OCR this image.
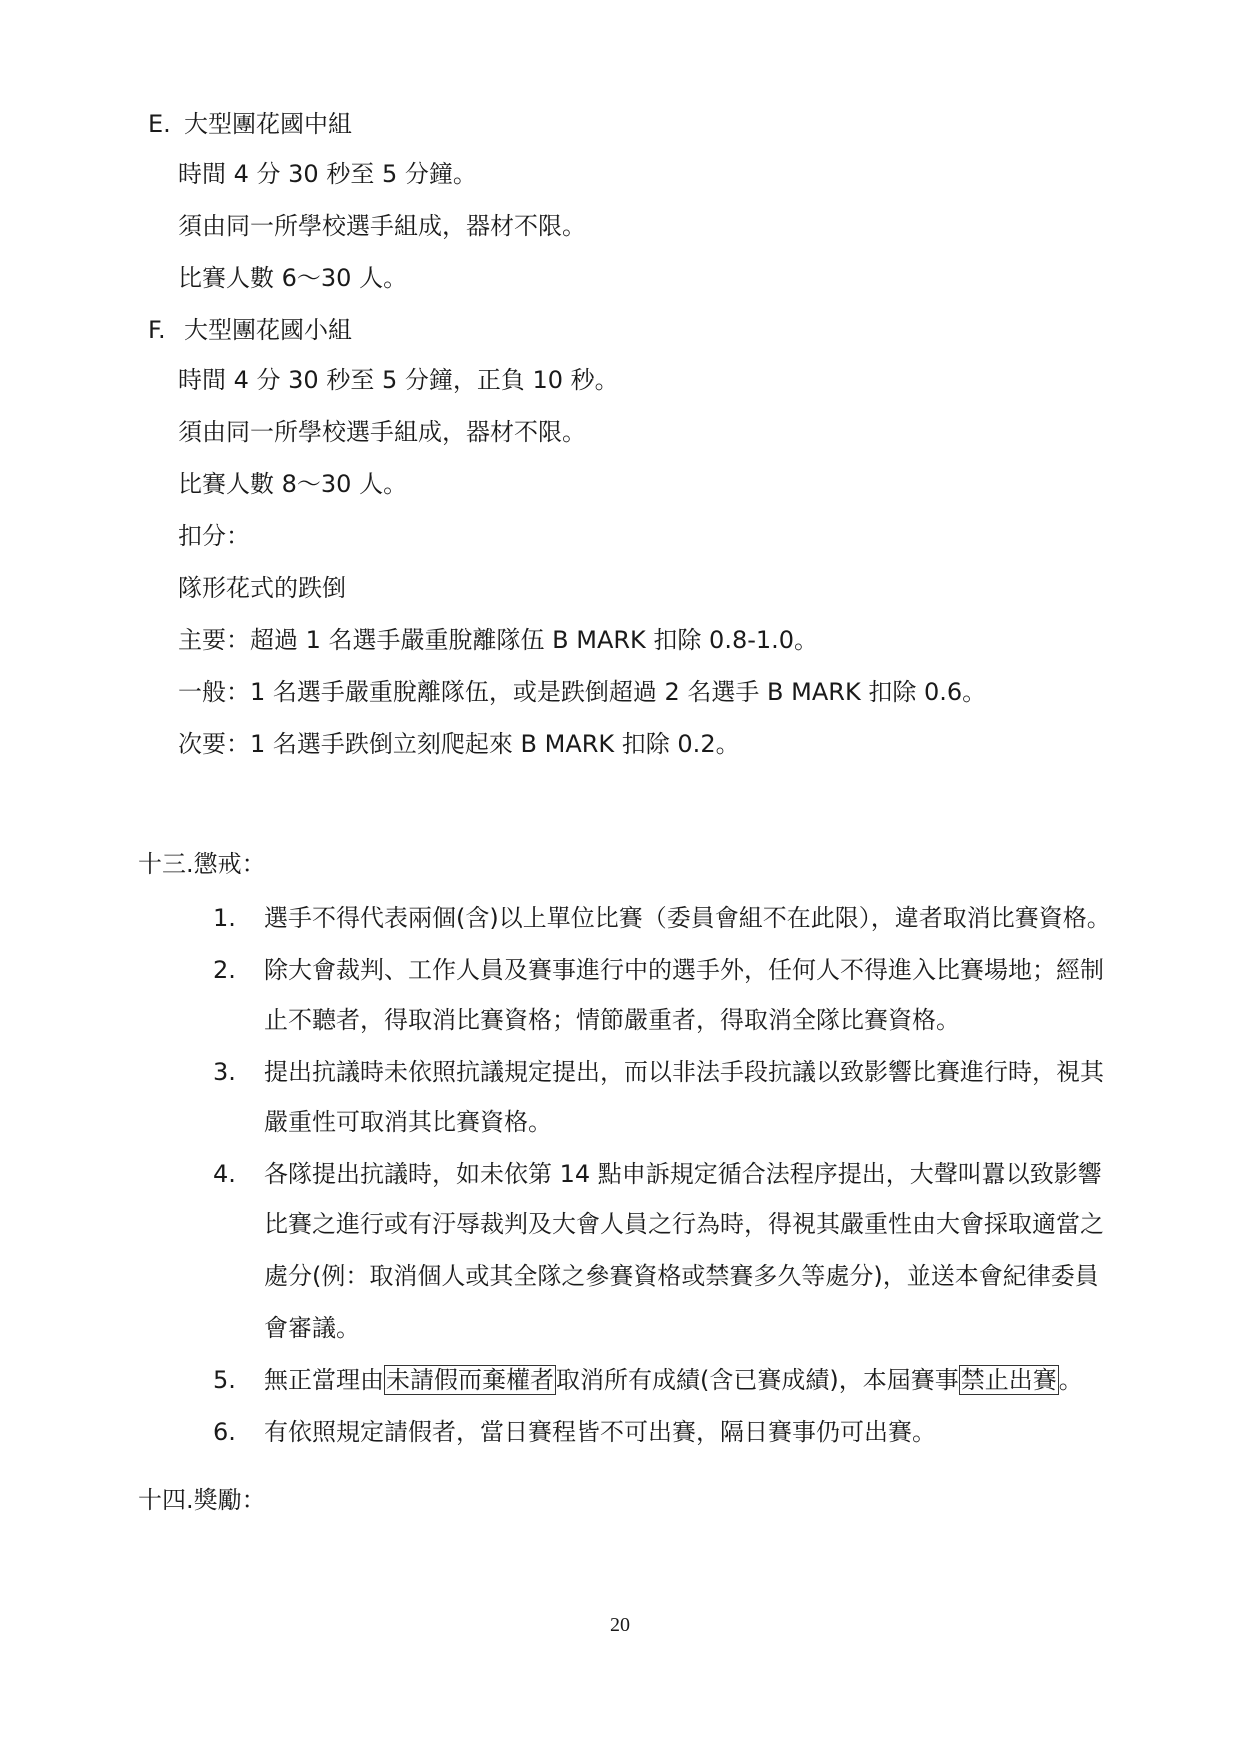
E. 大型團花國中組
時間 4 分 30 秒至 5 分鐘。
須由同一所學校選手組成，器材不限。
比賽人數 6～30 人。
F. 大型團花國小組
時間 4 分 30 秒至 5 分鐘，正負 10 秒。
須由同一所學校選手組成，器材不限。
比賽人數 8～30 人。
扣分：
隊形花式的跌倒
主要：超過 1 名選手嚴重脫離隊伍 B MARK 扣除 0.8-1.0。
一般：1 名選手嚴重脫離隊伍，或是跌倒超過 2 名選手 B MARK 扣除 0.6。
次要：1 名選手跌倒立刻爬起來 B MARK 扣除 0.2。
十三.懲戒：
1. 選手不得代表兩個(含)以上單位比賽（委員會組不在此限），違者取消比賽資格。
2. 除大會裁判、工作人員及賽事進行中的選手外，任何人不得進入比賽場地；經制
止不聽者，得取消比賽資格；情節嚴重者，得取消全隊比賽資格。
3. 提出抗議時未依照抗議規定提出，而以非法手段抗議以致影響比賽進行時，視其
嚴重性可取消其比賽資格。
4. 各隊提出抗議時，如未依第 14 點申訴規定循合法程序提出，大聲叫囂以致影響
比賽之進行或有汙辱裁判及大會人員之行為時，得視其嚴重性由大會採取適當之
處分(例：取消個人或其全隊之參賽資格或禁賽多久等處分)，並送本會紀律委員
會審議。
5. 無正當理由未請假而棄權者取消所有成績(含已賽成績)，本屆賽事禁止出賽。
6. 有依照規定請假者，當日賽程皆不可出賽，隔日賽事仍可出賽。
十四.獎勵：
20
